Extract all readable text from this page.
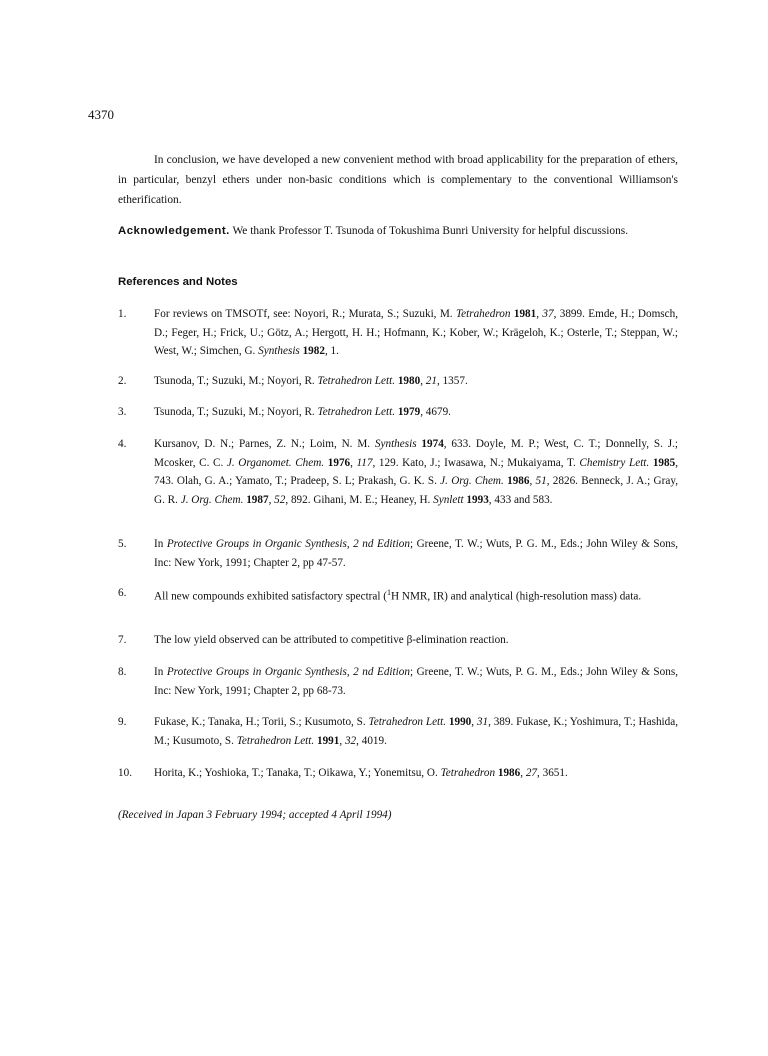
4370

In conclusion, we have developed a new convenient method with broad applicability for the preparation of ethers, in particular, benzyl ethers under non-basic conditions which is complementary to the conventional Williamson's etherification.

Acknowledgement. We thank Professor T. Tsunoda of Tokushima Bunri University for helpful discussions.

References and Notes
1.	For reviews on TMSOTf, see: Noyori, R.; Murata, S.; Suzuki, M. Tetrahedron 1981, 37, 3899. Emde, H.; Domsch, D.; Feger, H.; Frick, U.; Götz, A.; Hergott, H. H.; Hofmann, K.; Kober, W.; Krägeloh, K.; Osterle, T.; Steppan, W.; West, W.; Simchen, G. Synthesis 1982, 1.
2.	Tsunoda, T.; Suzuki, M.; Noyori, R. Tetrahedron Lett. 1980, 21, 1357.
3.	Tsunoda, T.; Suzuki, M.; Noyori, R. Tetrahedron Lett. 1979, 4679.
4.	Kursanov, D. N.; Parnes, Z. N.; Loim, N. M. Synthesis 1974, 633. Doyle, M. P.; West, C. T.; Donnelly, S. J.; Mcosker, C. C. J. Organomet. Chem. 1976, 117, 129. Kato, J.; Iwasawa, N.; Mukaiyama, T. Chemistry Lett. 1985, 743. Olah, G. A.; Yamato, T.; Pradeep, S. L; Prakash, G. K. S. J. Org. Chem. 1986, 51, 2826. Benneck, J. A.; Gray, G. R. J. Org. Chem. 1987, 52, 892. Gihani, M. E.; Heaney, H. Synlett 1993, 433 and 583.
5.	In Protective Groups in Organic Synthesis, 2 nd Edition; Greene, T. W.; Wuts, P. G. M., Eds.; John Wiley & Sons, Inc: New York, 1991; Chapter 2, pp 47-57.
6.	All new compounds exhibited satisfactory spectral ($^1$H NMR, IR) and analytical (high-resolution mass) data.
7.	The low yield observed can be attributed to competitive β-elimination reaction.
8.	In Protective Groups in Organic Synthesis, 2 nd Edition; Greene, T. W.; Wuts, P. G. M., Eds.; John Wiley & Sons, Inc: New York, 1991; Chapter 2, pp 68-73.
9.	Fukase, K.; Tanaka, H.; Torii, S.; Kusumoto, S. Tetrahedron Lett. 1990, 31, 389. Fukase, K.; Yoshimura, T.; Hashida, M.; Kusumoto, S. Tetrahedron Lett. 1991, 32, 4019.
10.	Horita, K.; Yoshioka, T.; Tanaka, T.; Oikawa, Y.; Yonemitsu, O. Tetrahedron 1986, 27, 3651.
(Received in Japan 3 February 1994; accepted 4 April 1994)
